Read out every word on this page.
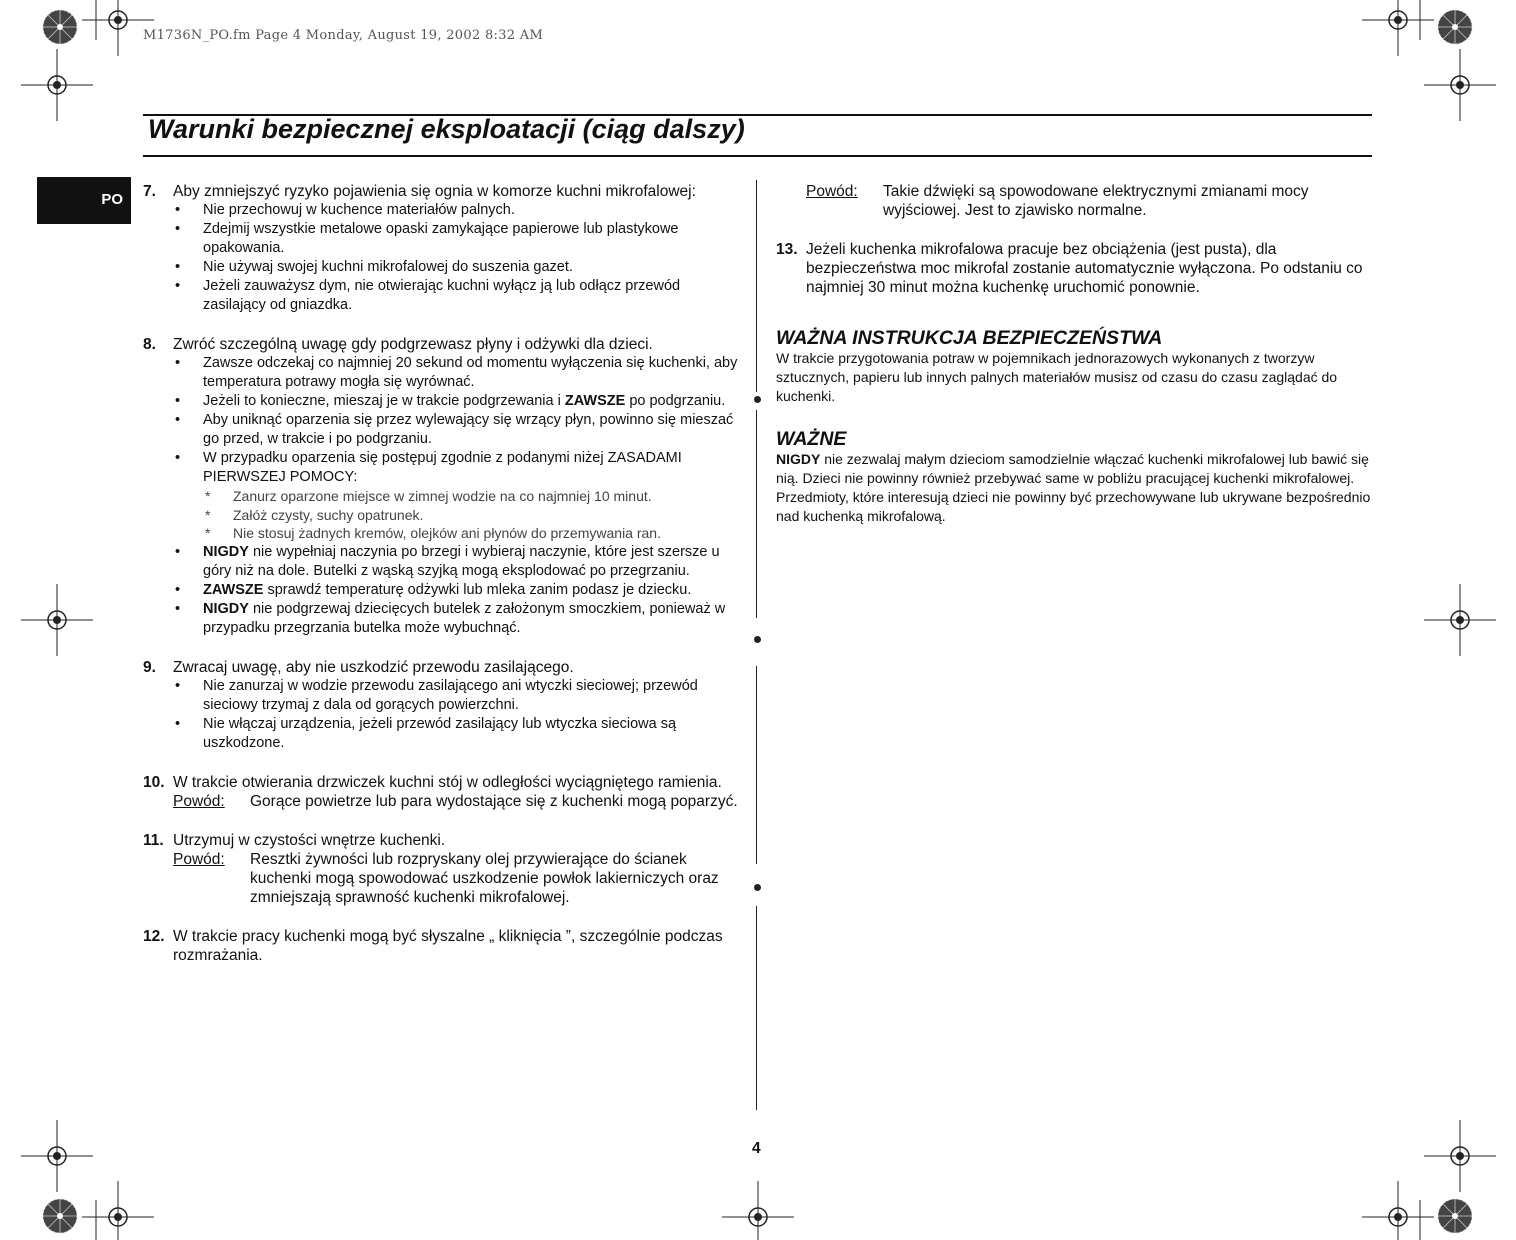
M1736N_PO.fm Page 4 Monday, August 19, 2002 8:32 AM
Warunki bezpiecznej eksploatacji (ciąg dalszy)
PO	7. Aby zmniejszyć ryzyko pojawienia się ognia w komorze kuchni mikrofalowej:
• Nie przechowuj w kuchence materiałów palnych.
• Zdejmij wszystkie metalowe opaski zamykające papierowe lub plastykowe opakowania.
• Nie używaj swojej kuchni mikrofalowej do suszenia gazet.
• Jeżeli zauważysz dym, nie otwierając kuchni wyłącz ją lub odłącz przewód zasilający od gniazdka.
8. Zwróć szczególną uwagę gdy podgrzewasz płyny i odżywki dla dzieci.
• Zawsze odczekaj co najmniej 20 sekund od momentu wyłączenia się kuchenki, aby temperatura potrawy mogła się wyrównać.
• Jeżeli to konieczne, mieszaj je w trakcie podgrzewania i ZAWSZE po podgrzaniu.
• Aby uniknąć oparzenia się przez wylewający się wrzący płyn, powinno się mieszać go przed, w trakcie i po podgrzaniu.
• W przypadku oparzenia się postępuj zgodnie z podanymi niżej ZASADAMI PIERWSZEJ POMOCY:
* Zanurz oparzone miejsce w zimnej wodzie na co najmniej 10 minut.
* Załóż czysty, suchy opatrunek.
* Nie stosuj żadnych kremów, olejków ani płynów do przemywania ran.
• NIGDY nie wypełniaj naczynia po brzegi i wybieraj naczynie, które jest szersze u góry niż na dole. Butelki z wąską szyjką mogą eksplodować po przegrzaniu.
• ZAWSZE sprawdź temperaturę odżywki lub mleka zanim podasz je dziecku.
• NIGDY nie podgrzewaj dziecięcych butelek z założonym smoczkiem, ponieważ w przypadku przegrzania butelka może wybuchnąć.
9. Zwracaj uwagę, aby nie uszkodzić przewodu zasilającego.
• Nie zanurzaj w wodzie przewodu zasilającego ani wtyczki sieciowej; przewód sieciowy trzymaj z dala od gorących powierzchni.
• Nie włączaj urządzenia, jeżeli przewód zasilający lub wtyczka sieciowa są uszkodzone.
10. W trakcie otwierania drzwiczek kuchni stój w odległości wyciągniętego ramienia.
Powód: Gorące powietrze lub para wydostające się z kuchenki mogą poparzyć.
11. Utrzymuj w czystości wnętrze kuchenki.
Powód: Resztki żywności lub rozpryskany olej przywierające do ścianek kuchenki mogą spowodować uszkodzenie powłok lakierniczych oraz zmniejszają sprawność kuchenki mikrofalowej.
12. W trakcie pracy kuchenki mogą być słyszalne „ kliknięcia ”, szczególnie podczas rozmrażania.
Powód: Takie dźwięki są spowodowane elektrycznymi zmianami mocy wyjściowej. Jest to zjawisko normalne.
13. Jeżeli kuchenka mikrofalowa pracuje bez obciążenia (jest pusta), dla bezpieczeństwa moc mikrofal zostanie automatycznie wyłączona. Po odstaniu co najmniej 30 minut można kuchenkę uruchomić ponownie.

WAŻNA INSTRUKCJA BEZPIECZEŃSTWA

W trakcie przygotowania potraw w pojemnikach jednorazowych wykonanych z tworzyw sztucznych, papieru lub innych palnych materiałów musisz od czasu do czasu zaglądać do kuchenki.

WAŻNE

NIGDY nie zezwalaj małym dzieciom samodzielnie włączać kuchenki mikrofalowej lub bawić się nią. Dzieci nie powinny również przebywać same w pobliżu pracującej kuchenki mikrofalowej. Przedmioty, które interesują dzieci nie powinny być przechowywane lub ukrywane bezpośrednio nad kuchenką mikrofalową.

4
